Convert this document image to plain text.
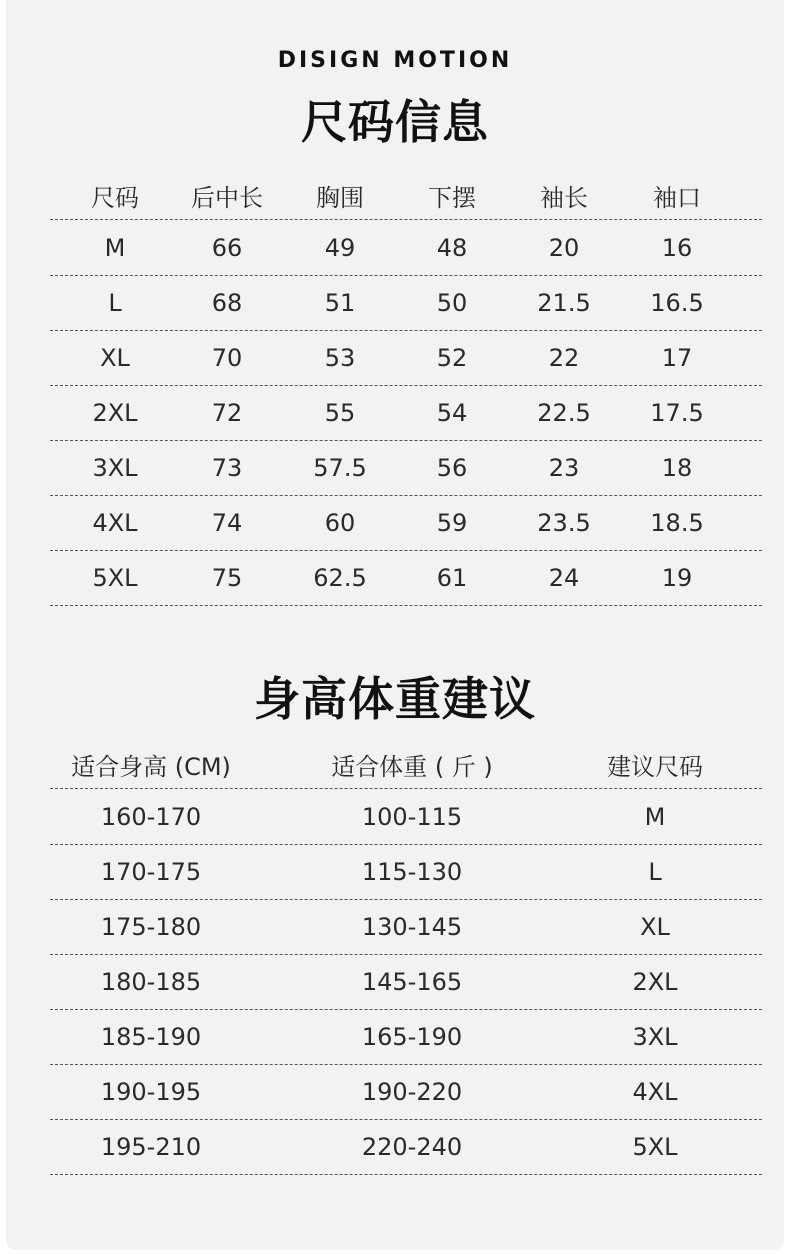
DISIGN MOTION
尺码信息
尺码	后中长	胸围	下摆	袖长	袖口
M	66	49	48	20	16
L	68	51	50	21.5	16.5
XL	70	53	52	22	17
2XL	72	55	54	22.5	17.5
3XL	73	57.5	56	23	18
4XL	74	60	59	23.5	18.5
5XL	75	62.5	61	24	19
身高体重建议
适合身高 (CM)	适合体重 ( 斤 )	建议尺码
160-170	100-115	M
170-175	115-130	L
175-180	130-145	XL
180-185	145-165	2XL
185-190	165-190	3XL
190-195	190-220	4XL
195-210	220-240	5XL
